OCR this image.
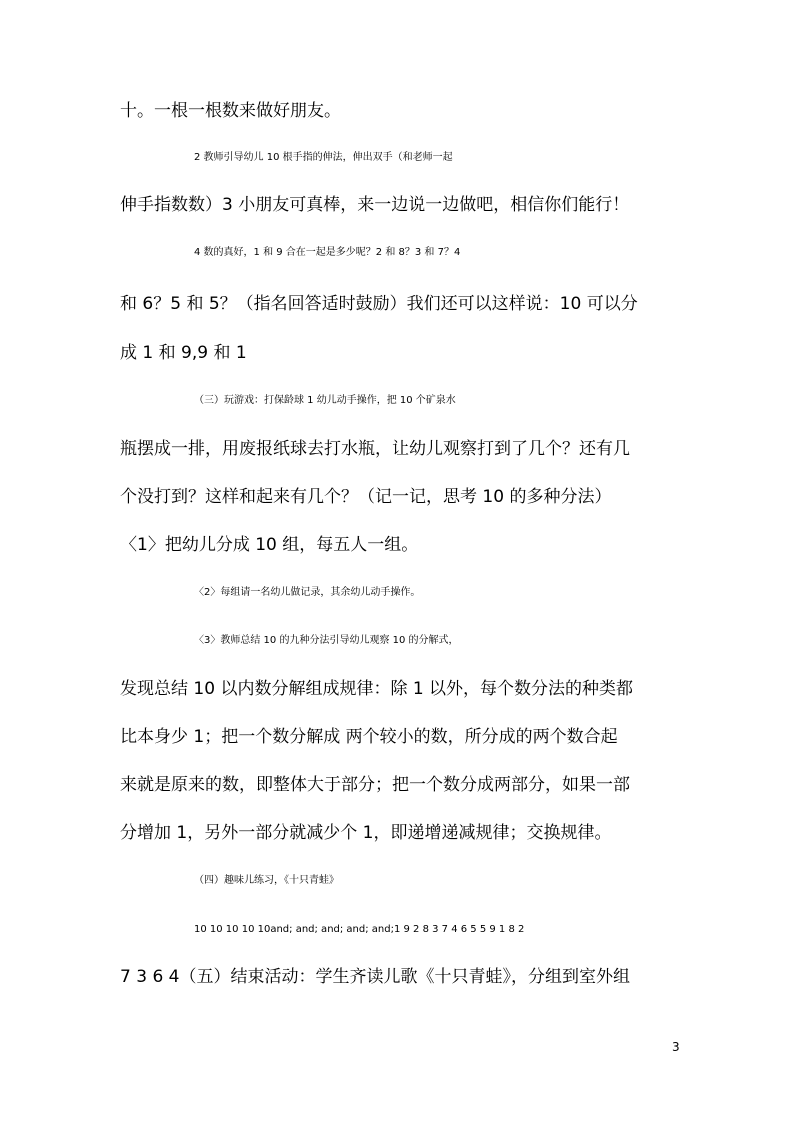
十。一根一根数来做好朋友。
2 教师引导幼儿 10 根手指的伸法，伸出双手（和老师一起
伸手指数数）3 小朋友可真棒，来一边说一边做吧，相信你们能行！
4 数的真好，1 和 9 合在一起是多少呢？2 和 8？3 和 7？4
和 6？5 和 5？（指名回答适时鼓励）我们还可以这样说：10 可以分
成 1 和 9,9 和 1
（三）玩游戏：打保龄球 1 幼儿动手操作，把 10 个矿泉水
瓶摆成一排，用废报纸球去打水瓶，让幼儿观察打到了几个？还有几
个没打到？这样和起来有几个？（记一记，思考 10 的多种分法）
〈1〉把幼儿分成 10 组，每五人一组。
〈2〉每组请一名幼儿做记录，其余幼儿动手操作。
〈3〉教师总结 10 的九种分法引导幼儿观察 10 的分解式，
发现总结 10 以内数分解组成规律：除 1 以外，每个数分法的种类都
比本身少 1；把一个数分解成 两个较小的数，所分成的两个数合起
来就是原来的数，即整体大于部分；把一个数分成两部分，如果一部
分增加 1，另外一部分就减少个 1，即递增递减规律；交换规律。
（四）趣味儿练习，《十只青蛙》
10 10 10 10 10and; and; and; and; and;1 9 2 8 3 7 4 6 5 5 9 1 8 2
7 3 6 4（五）结束活动：学生齐读儿歌《十只青蛙》，分组到室外组
3
